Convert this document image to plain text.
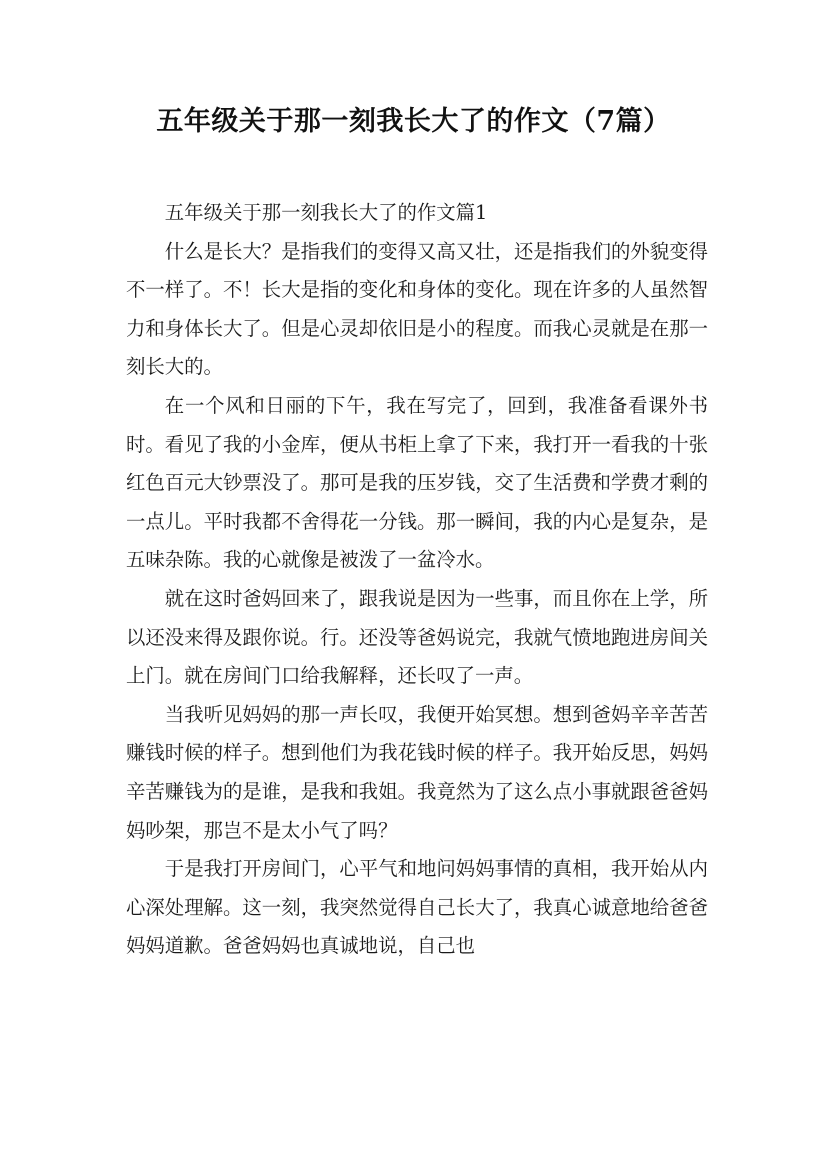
五年级关于那一刻我长大了的作文（7篇）

五年级关于那一刻我长大了的作文篇1

什么是长大？是指我们的变得又高又壮，还是指我们的外貌变得不一样了。不！长大是指的变化和身体的变化。现在许多的人虽然智力和身体长大了。但是心灵却依旧是小的程度。而我心灵就是在那一刻长大的。

在一个风和日丽的下午，我在写完了，回到，我准备看课外书时。看见了我的小金库，便从书柜上拿了下来，我打开一看我的十张红色百元大钞票没了。那可是我的压岁钱，交了生活费和学费才剩的一点儿。平时我都不舍得花一分钱。那一瞬间，我的内心是复杂，是五味杂陈。我的心就像是被泼了一盆冷水。

就在这时爸妈回来了，跟我说是因为一些事，而且你在上学，所以还没来得及跟你说。行。还没等爸妈说完，我就气愤地跑进房间关上门。就在房间门口给我解释，还长叹了一声。

当我听见妈妈的那一声长叹，我便开始冥想。想到爸妈辛辛苦苦赚钱时候的样子。想到他们为我花钱时候的样子。我开始反思，妈妈辛苦赚钱为的是谁，是我和我姐。我竟然为了这么点小事就跟爸爸妈妈吵架，那岂不是太小气了吗？

于是我打开房间门，心平气和地问妈妈事情的真相，我开始从内心深处理解。这一刻，我突然觉得自己长大了，我真心诚意地给爸爸妈妈道歉。爸爸妈妈也真诚地说，自己也
